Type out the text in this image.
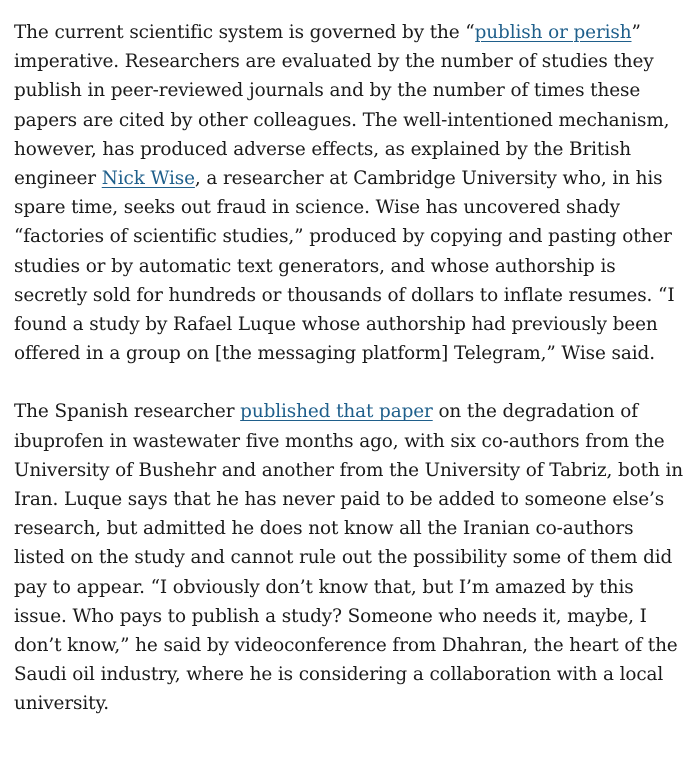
The current scientific system is governed by the “publish or perish” imperative. Researchers are evaluated by the number of studies they publish in peer-reviewed journals and by the number of times these papers are cited by other colleagues. The well-intentioned mechanism, however, has produced adverse effects, as explained by the British engineer Nick Wise, a researcher at Cambridge University who, in his spare time, seeks out fraud in science. Wise has uncovered shady “factories of scientific studies,” produced by copying and pasting other studies or by automatic text generators, and whose authorship is secretly sold for hundreds or thousands of dollars to inflate resumes. “I found a study by Rafael Luque whose authorship had previously been offered in a group on [the messaging platform] Telegram,” Wise said.

The Spanish researcher published that paper on the degradation of ibuprofen in wastewater five months ago, with six co-authors from the University of Bushehr and another from the University of Tabriz, both in Iran. Luque says that he has never paid to be added to someone else’s research, but admitted he does not know all the Iranian co-authors listed on the study and cannot rule out the possibility some of them did pay to appear. “I obviously don’t know that, but I’m amazed by this issue. Who pays to publish a study? Someone who needs it, maybe, I don’t know,” he said by videoconference from Dhahran, the heart of the Saudi oil industry, where he is considering a collaboration with a local university.
